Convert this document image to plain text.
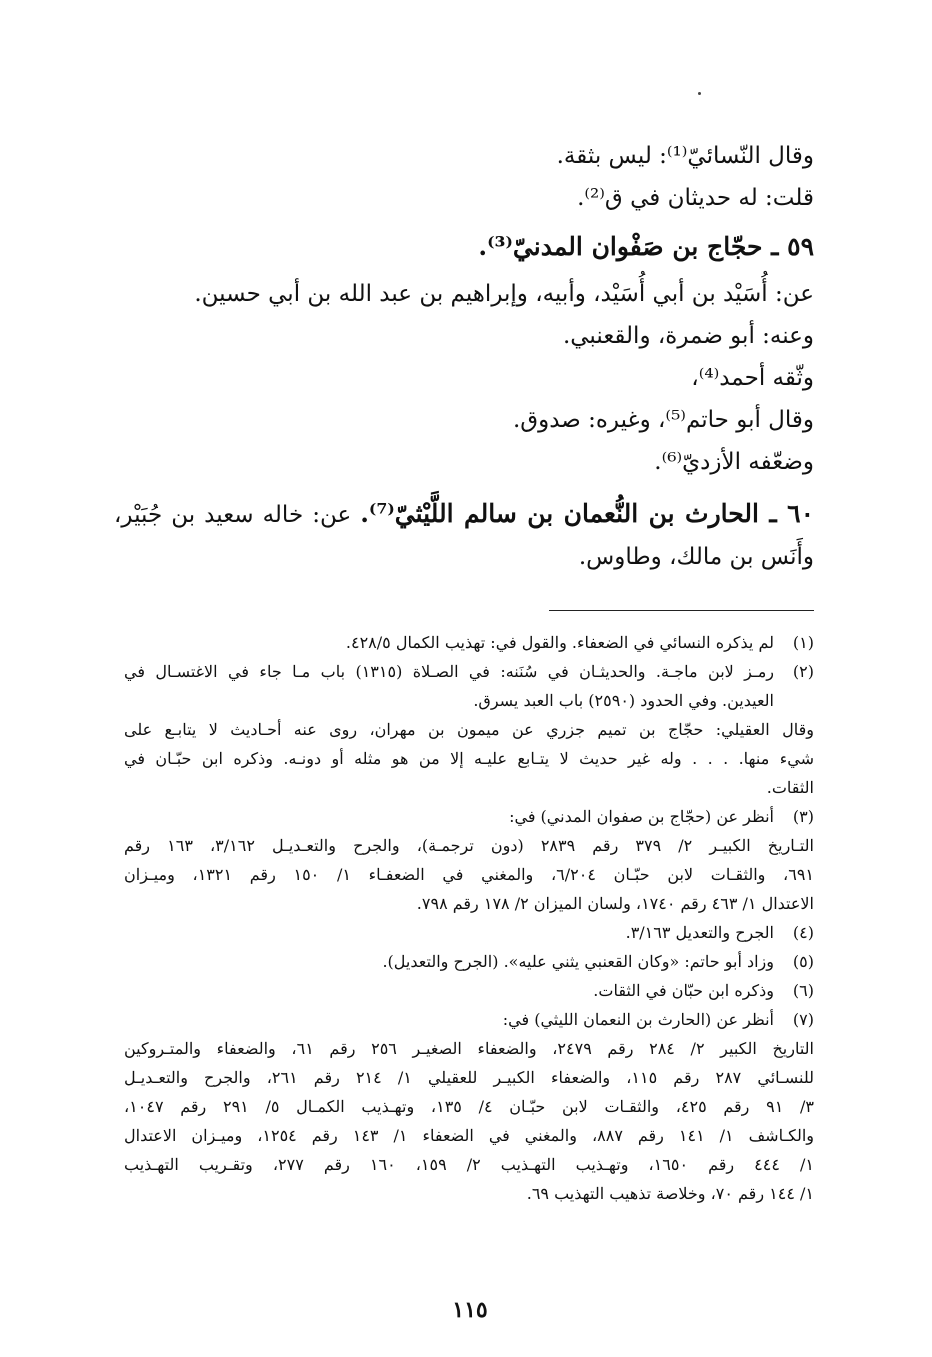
وقال النّسائيّ⁽¹⁾: ليس بثقة.

قلت: له حديثان في ق⁽²⁾.

٥٩ ـ حجّاج بن صَفْوان المدنيّ⁽³⁾.

عن: أُسَيْد بن أبي أُسَيْد، وأبيه، وإبراهيم بن عبد الله بن أبي حسين.

وعنه: أبو ضمرة، والقعنبي.

وثّقه أحمد⁽⁴⁾،

وقال أبو حاتم⁽⁵⁾، وغيره: صدوق.

وضعّفه الأزديّ⁽⁶⁾.

٦٠ ـ الحارث بن النُّعمان بن سالم اللَّيْثيّ⁽⁷⁾. عن: خاله سعيد بن جُبَيْر، وأَنَس بن مالك، وطاوس.

(١)
لم يذكره النسائي في الضعفاء. والقول في: تهذيب الكمال ٤٢٨/٥.
(٢)
رمـز لابن ماجـة. والحديثـان في سُنَنه: في الصـلاة (١٣١٥) باب مـا جاء في الاغتسـال في
العيدين. وفي الحدود (٢٥٩٠) باب العبد يسرق.
وقال العقيلي: حجّاج بن تميم جزري عن ميمون بن مهران، روى عنه أحـاديث لا يتابـع على
شيء منها. . . . وله غير حديث لا يتـابع عليـه إلا من هو مثله أو دونـه. وذكره ابن حبّـان في
الثقات.
(٣)
أنظر عن (حجّاج بن صفوان المدني) في:
التـاريخ الكبيـر ٢/ ٣٧٩ رقم ٢٨٣٩ (دون ترجمـة)، والجرح والتعـديـل ٣/١٦٢، ١٦٣ رقم
٦٩١، والثقـات لابن حبّـان ٦/٢٠٤، والمغني في الضعفـاء ١/ ١٥٠ رقم ١٣٢١، وميـزان
الاعتدال ١/ ٤٦٣ رقم ١٧٤٠، ولسان الميزان ٢/ ١٧٨ رقم ٧٩٨.
(٤)
الجرح والتعديل ٣/١٦٣.
(٥)
وزاد أبو حاتم: «وكان القعنبي يثني عليه». (الجرح والتعديل).
(٦)
وذكره ابن حبّان في الثقات.
(٧)
أنظر عن (الحارث بن النعمان الليثي) في:
التاريخ الكبير ٢/ ٢٨٤ رقم ٢٤٧٩، والضعفاء الصغيـر ٢٥٦ رقم ٦١، والضعفاء والمتـروكين
للنسـائي ٢٨٧ رقم ١١٥، والضعفاء الكبيـر للعقيلي ١/ ٢١٤ رقم ٢٦١، والجرح والتعـديـل
٣/ ٩١ رقم ٤٢٥، والثقـات لابن حبّـان ٤/ ١٣٥، وتهـذيب الكمـال ٥/ ٢٩١ رقم ١٠٤٧،
والكـاشف ١/ ١٤١ رقم ٨٨٧، والمغني في الضعفاء ١/ ١٤٣ رقم ١٢٥٤، وميـزان الاعتدال
١/ ٤٤٤ رقم ١٦٥٠، وتهـذيب التهـذيب ٢/ ١٥٩، ١٦٠ رقم ٢٧٧، وتقـريب التهـذيب
١/ ١٤٤ رقم ٧٠، وخلاصة تذهيب التهذيب ٦٩.
١١٥
